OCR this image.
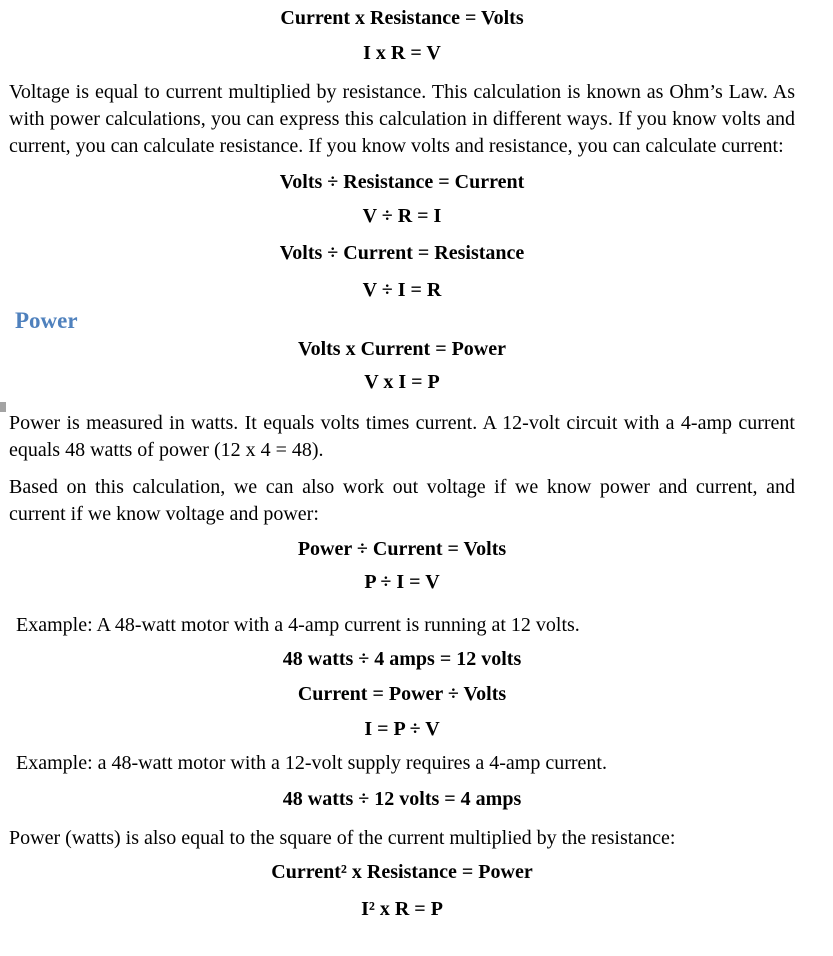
Current x Resistance = Volts
I x R = V

Voltage is equal to current multiplied by resistance. This calculation is known as Ohm’s Law. As with power calculations, you can express this calculation in different ways. If you know volts and current, you can calculate resistance. If you know volts and resistance, you can calculate current:

Volts ÷ Resistance = Current
V ÷ R = I
Volts ÷ Current = Resistance
V ÷ I = R
Power
Volts x Current = Power
V x I = P

Power is measured in watts. It equals volts times current. A 12-volt circuit with a 4-amp current equals 48 watts of power (12 x 4 = 48).

Based on this calculation, we can also work out voltage if we know power and current, and current if we know voltage and power:

Power ÷ Current = Volts
P ÷ I = V

Example: A 48-watt motor with a 4-amp current is running at 12 volts.

48 watts ÷ 4 amps = 12 volts
Current = Power ÷ Volts
I = P ÷ V

Example: a 48-watt motor with a 12-volt supply requires a 4-amp current.

48 watts ÷ 12 volts = 4 amps

Power (watts) is also equal to the square of the current multiplied by the resistance:

Current² x Resistance = Power
I² x R = P
